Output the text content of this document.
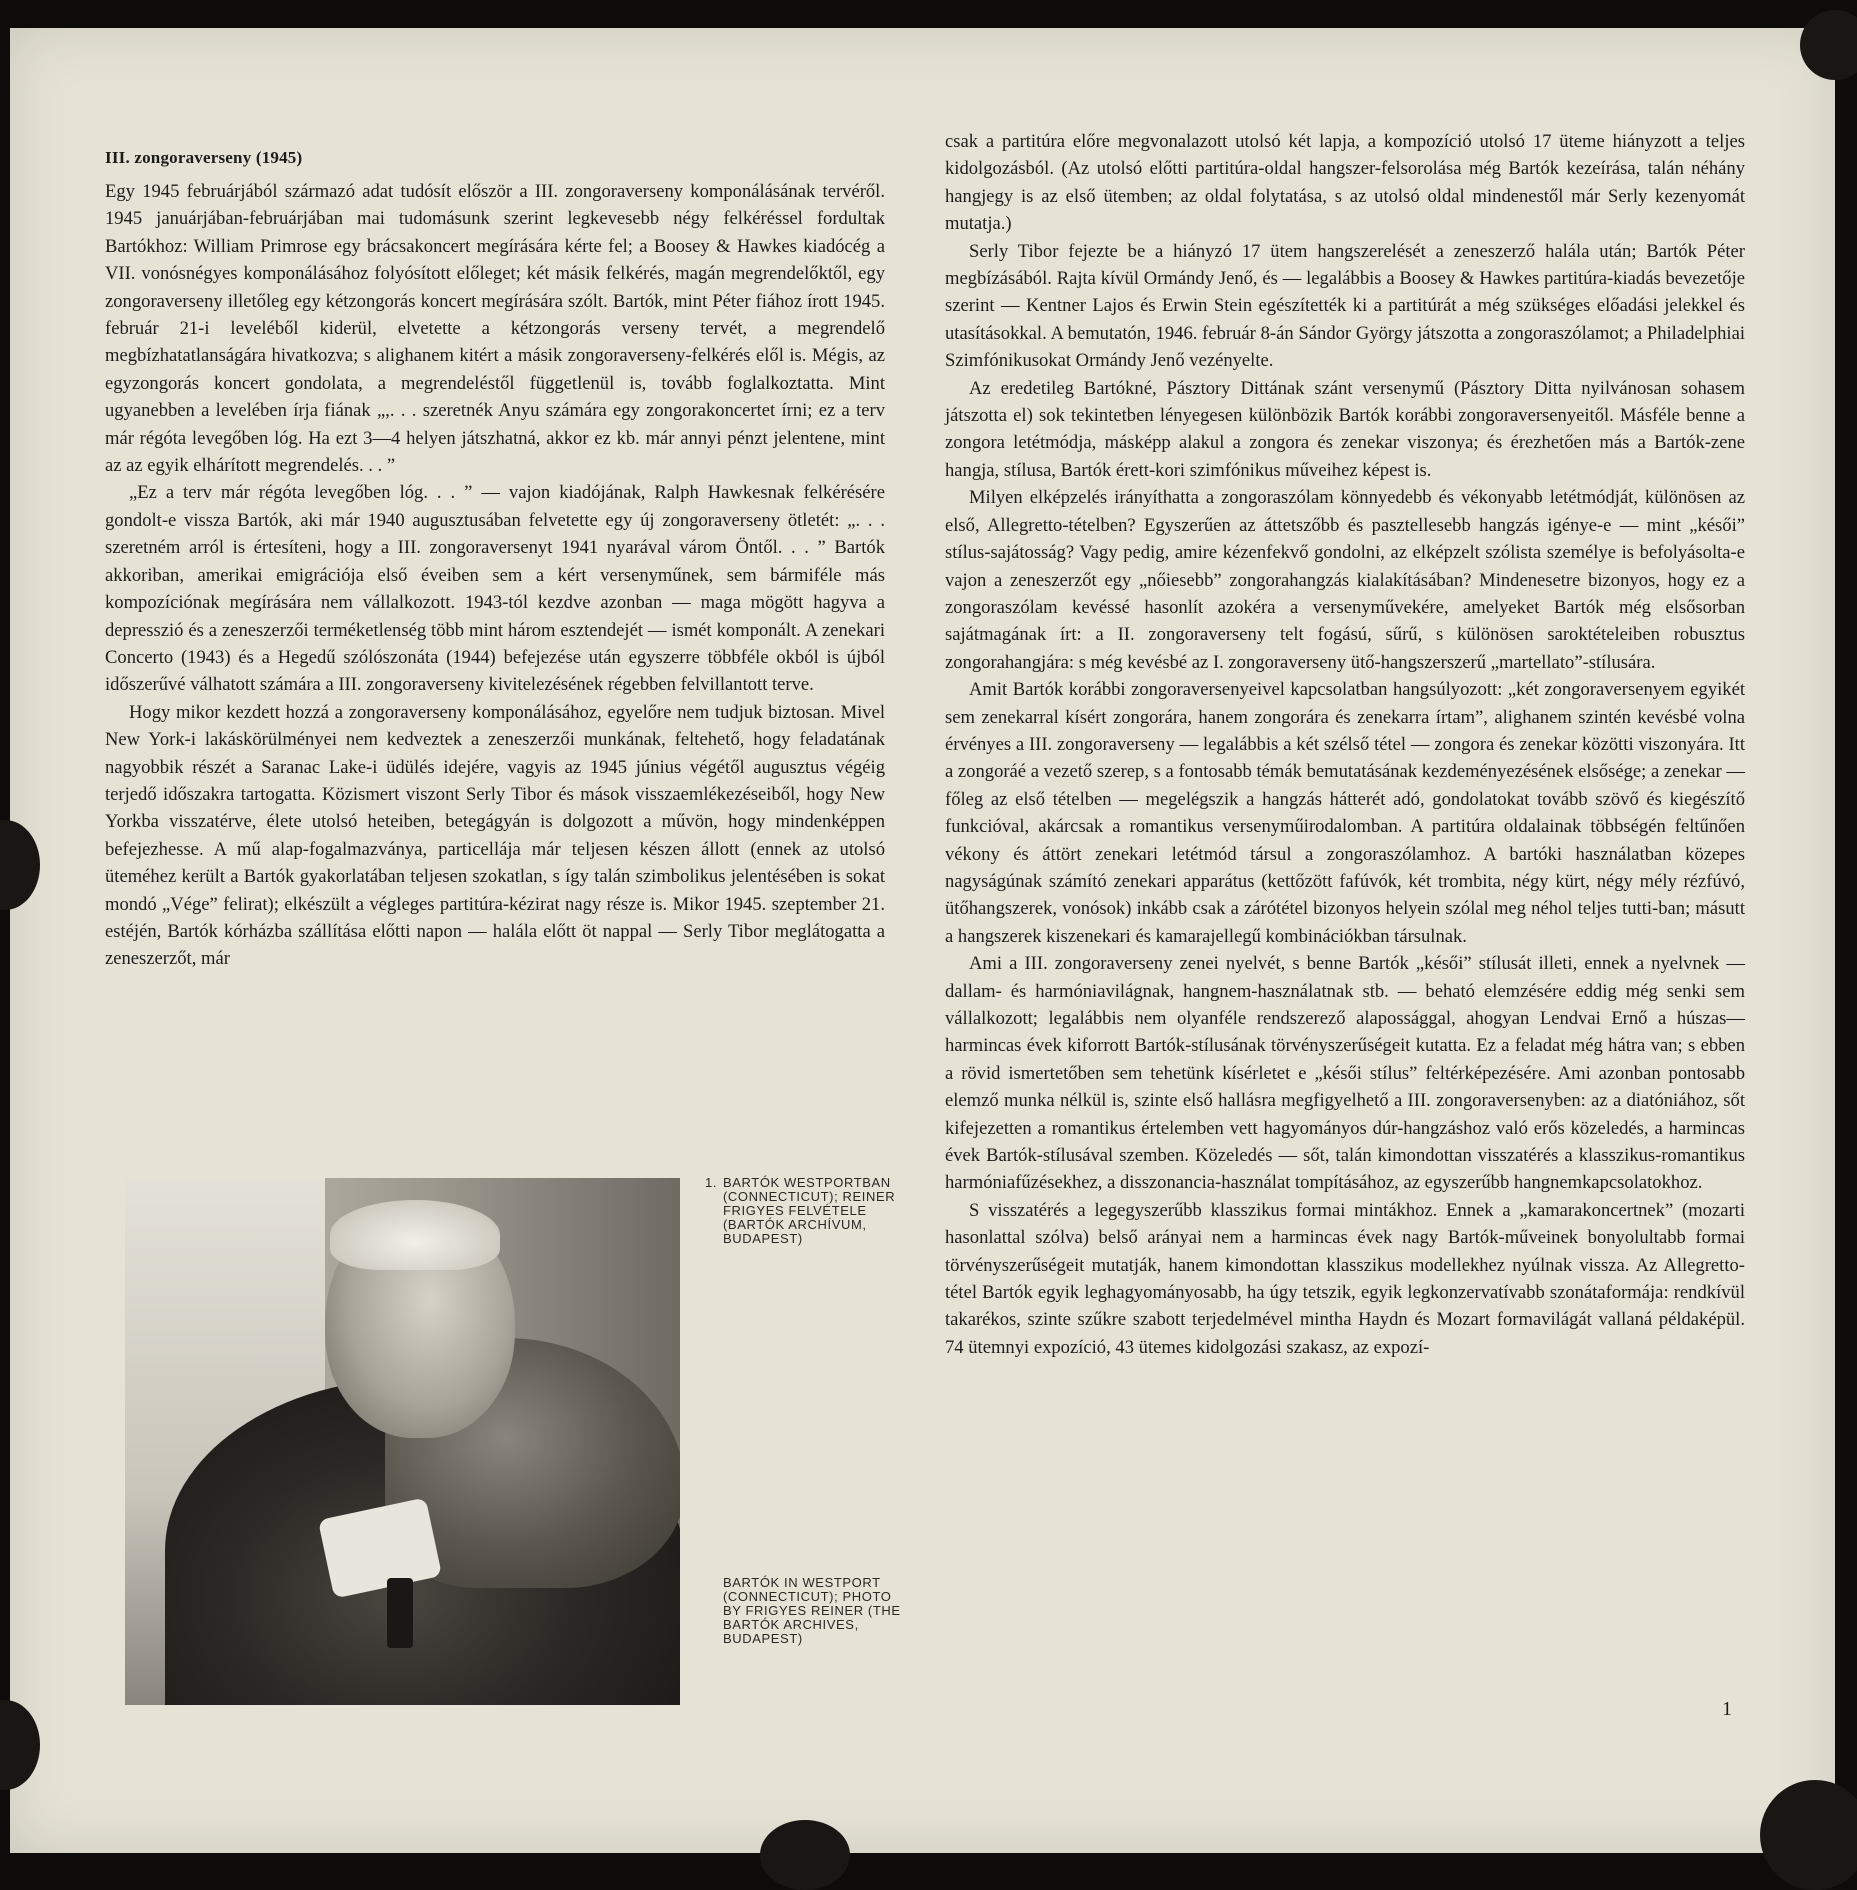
III. zongoraverseny (1945)

Egy 1945 februárjából származó adat tudósít először a III. zongoraverseny komponálásának tervéről. 1945 januárjában-februárjában mai tudomásunk szerint legkevesebb négy felkéréssel fordultak Bartókhoz: William Primrose egy brácsakoncert megírására kérte fel; a Boosey & Hawkes kiadócég a VII. vonósnégyes komponálásához folyósított előleget; két másik felkérés, magán megrendelőktől, egy zongoraverseny illetőleg egy kétzongorás koncert megírására szólt. Bartók, mint Péter fiához írott 1945. február 21-i leveléből kiderül, elvetette a kétzongorás verseny tervét, a megrendelő megbízhatatlanságára hivatkozva; s alighanem kitért a másik zongoraverseny-felkérés elől is. Mégis, az egyzongorás koncert gondolata, a megrendeléstől függetlenül is, tovább foglalkoztatta. Mint ugyanebben a levelében írja fiának „,. . . szeretnék Anyu számára egy zongorakoncertet írni; ez a terv már régóta levegőben lóg. Ha ezt 3—4 helyen játszhatná, akkor ez kb. már annyi pénzt jelentene, mint az az egyik elhárított megrendelés. . . ”

„Ez a terv már régóta levegőben lóg. . . ” — vajon kiadójának, Ralph Hawkesnak felkérésére gondolt-e vissza Bartók, aki már 1940 augusztusában felvetette egy új zongoraverseny ötletét: „. . . szeretném arról is értesíteni, hogy a III. zongoraversenyt 1941 nyarával várom Öntől. . . ” Bartók akkoriban, amerikai emigrációja első éveiben sem a kért versenyműnek, sem bármiféle más kompozíciónak megírására nem vállalkozott. 1943-tól kezdve azonban — maga mögött hagyva a depresszió és a zeneszerzői terméketlenség több mint három esztendejét — ismét komponált. A zenekari Concerto (1943) és a Hegedű szólószonáta (1944) befejezése után egyszerre többféle okból is újból időszerűvé válhatott számára a III. zongoraverseny kivitelezésének régebben felvillantott terve.

Hogy mikor kezdett hozzá a zongoraverseny komponálásához, egyelőre nem tudjuk biztosan. Mivel New York-i lakáskörülményei nem kedveztek a zeneszerzői munkának, feltehető, hogy feladatának nagyobbik részét a Saranac Lake-i üdülés idejére, vagyis az 1945 június végétől augusztus végéig terjedő időszakra tartogatta. Közismert viszont Serly Tibor és mások visszaemlékezéseiből, hogy New Yorkba visszatérve, élete utolsó heteiben, betegágyán is dolgozott a művön, hogy mindenképpen befejezhesse. A mű alap-fogalmazványa, particellája már teljesen készen állott (ennek az utolsó üteméhez került a Bartók gyakorlatában teljesen szokatlan, s így talán szimbolikus jelentésében is sokat mondó „Vége” felirat); elkészült a végleges partitúra-kézirat nagy része is. Mikor 1945. szeptember 21. estéjén, Bartók kórházba szállítása előtti napon — halála előtt öt nappal — Serly Tibor meglátogatta a zeneszerzőt, már

csak a partitúra előre megvonalazott utolsó két lapja, a kompozíció utolsó 17 üteme hiányzott a teljes kidolgozásból. (Az utolsó előtti partitúra-oldal hangszer-felsorolása még Bartók kezeírása, talán néhány hangjegy is az első ütemben; az oldal folytatása, s az utolsó oldal mindenestől már Serly kezenyomát mutatja.)

Serly Tibor fejezte be a hiányzó 17 ütem hangszerelését a zeneszerző halála után; Bartók Péter megbízásából. Rajta kívül Ormándy Jenő, és — legalábbis a Boosey & Hawkes partitúra-kiadás bevezetője szerint — Kentner Lajos és Erwin Stein egészítették ki a partitúrát a még szükséges előadási jelekkel és utasításokkal. A bemutatón, 1946. február 8-án Sándor György játszotta a zongoraszólamot; a Philadelphiai Szimfónikusokat Ormándy Jenő vezényelte.

Az eredetileg Bartókné, Pásztory Dittának szánt versenymű (Pásztory Ditta nyilvánosan sohasem játszotta el) sok tekintetben lényegesen különbözik Bartók korábbi zongoraversenyeitől. Másféle benne a zongora letétmódja, másképp alakul a zongora és zenekar viszonya; és érezhetően más a Bartók-zene hangja, stílusa, Bartók érett-kori szimfónikus műveihez képest is.

Milyen elképzelés irányíthatta a zongoraszólam könnyedebb és vékonyabb letétmódját, különösen az első, Allegretto-tételben? Egyszerűen az áttetszőbb és pasztellesebb hangzás igénye-e — mint „késői” stílus-sajátosság? Vagy pedig, amire kézenfekvő gondolni, az elképzelt szólista személye is befolyásolta-e vajon a zeneszerzőt egy „nőiesebb” zongorahangzás kialakításában? Mindenesetre bizonyos, hogy ez a zongoraszólam kevéssé hasonlít azokéra a versenyművekére, amelyeket Bartók még elsősorban sajátmagának írt: a II. zongoraverseny telt fogású, sűrű, s különösen saroktételeiben robusztus zongorahangjára: s még kevésbé az I. zongoraverseny ütő-hangszerszerű „martellato”-stílusára.

Amit Bartók korábbi zongoraversenyeivel kapcsolatban hangsúlyozott: „két zongoraversenyem egyikét sem zenekarral kísért zongorára, hanem zongorára és zenekarra írtam”, alighanem szintén kevésbé volna érvényes a III. zongoraverseny — legalábbis a két szélső tétel — zongora és zenekar közötti viszonyára. Itt a zongoráé a vezető szerep, s a fontosabb témák bemutatásának kezdeményezésének elsősége; a zenekar — főleg az első tételben — megelégszik a hangzás hátterét adó, gondolatokat tovább szövő és kiegészítő funkcióval, akárcsak a romantikus versenyműirodalomban. A partitúra oldalainak többségén feltűnően vékony és áttört zenekari letétmód társul a zongoraszólamhoz. A bartóki használatban közepes nagyságúnak számító zenekari apparátus (kettőzött fafúvók, két trombita, négy kürt, négy mély rézfúvó, ütőhangszerek, vonósok) inkább csak a zárótétel bizonyos helyein szólal meg néhol teljes tutti-ban; másutt a hangszerek kiszenekari és kamarajellegű kombinációkban társulnak.

Ami a III. zongoraverseny zenei nyelvét, s benne Bartók „késői” stílusát illeti, ennek a nyelvnek — dallam- és harmóniavilágnak, hangnem-használatnak stb. — beható elemzésére eddig még senki sem vállalkozott; legalábbis nem olyanféle rendszerező alapossággal, ahogyan Lendvai Ernő a húszas—harmincas évek kiforrott Bartók-stílusának törvényszerűségeit kutatta. Ez a feladat még hátra van; s ebben a rövid ismertetőben sem tehetünk kísérletet e „késői stílus” feltérképezésére. Ami azonban pontosabb elemző munka nélkül is, szinte első hallásra megfigyelhető a III. zongoraversenyben: az a diatóniához, sőt kifejezetten a romantikus értelemben vett hagyományos dúr-hangzáshoz való erős közeledés, a harmincas évek Bartók-stílusával szemben. Közeledés — sőt, talán kimondottan visszatérés a klasszikus-romantikus harmóniafűzésekhez, a disszonancia-használat tompításához, az egyszerűbb hangnemkapcsolatokhoz.

S visszatérés a legegyszerűbb klasszikus formai mintákhoz. Ennek a „kamarakoncertnek” (mozarti hasonlattal szólva) belső arányai nem a harmincas évek nagy Bartók-műveinek bonyolultabb formai törvényszerűségeit mutatják, hanem kimondottan klasszikus modellekhez nyúlnak vissza. Az Allegretto-tétel Bartók egyik leghagyományosabb, ha úgy tetszik, egyik legkonzervatívabb szonátaformája: rendkívül takarékos, szinte szűkre szabott terjedelmével mintha Haydn és Mozart formavilágát vallaná példaképül. 74 ütemnyi expozíció, 43 ütemes kidolgozási szakasz, az expozí-

1. BARTÓK WESTPORTBAN (CONNECTICUT); REINER FRIGYES FELVÉTELE (BARTÓK ARCHÍVUM, BUDAPEST)
BARTÓK IN WESTPORT (CONNECTICUT); PHOTO BY FRIGYES REINER (THE BARTÓK ARCHIVES, BUDAPEST)
1
